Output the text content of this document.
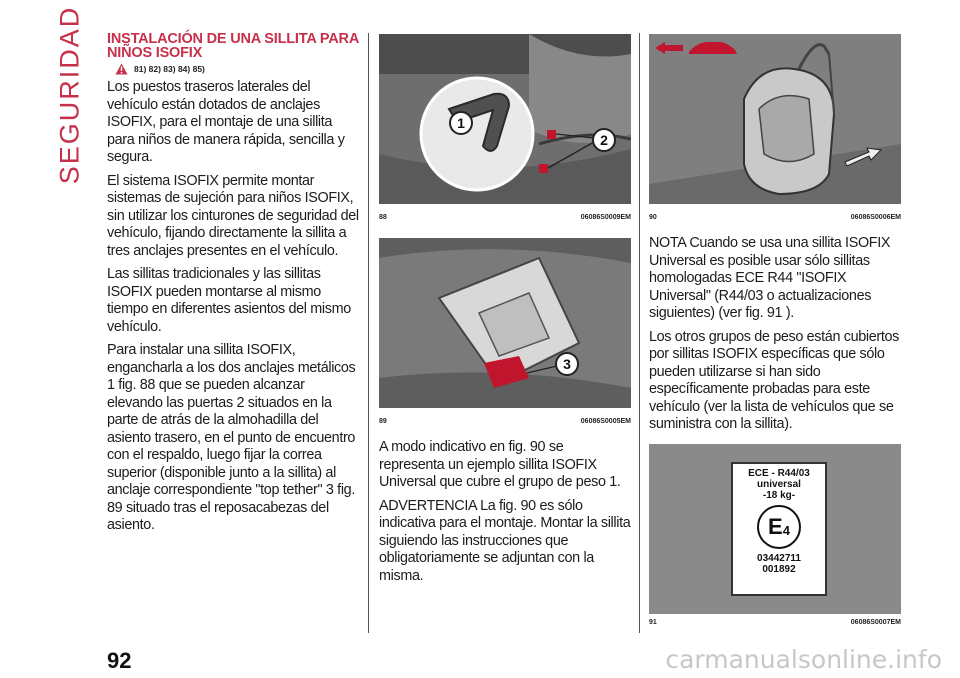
SEGURIDAD INSTALACIÓN DE UNA SILLITA PARA NIÑOS ISOFIX
81) 82) 83) 84) 85)

Los puestos traseros laterales del vehículo están dotados de anclajes ISOFIX, para el montaje de una sillita para niños de manera rápida, sencilla y segura.

El sistema ISOFIX permite montar sistemas de sujeción para niños ISOFIX, sin utilizar los cinturones de seguridad del vehículo, fijando directamente la sillita a tres anclajes presentes en el vehículo.

Las sillitas tradicionales y las sillitas ISOFIX pueden montarse al mismo tiempo en diferentes asientos del mismo vehículo.

Para instalar una sillita ISOFIX, engancharla a los dos anclajes metálicos 1 fig. 88 que se pueden alcanzar elevando las puertas 2 situados en la parte de atrás de la almohadilla del asiento trasero, en el punto de encuentro con el respaldo, luego fijar la correa superior (disponible junto a la sillita) al anclaje correspondiente "top tether" 3 fig. 89 situado tras el reposacabezas del asiento.

1
2
88	06086S0009EM
3
89	06086S0005EM

A modo indicativo en fig. 90 se representa un ejemplo sillita ISOFIX Universal que cubre el grupo de peso 1.

ADVERTENCIA La fig. 90 es sólo indicativa para el montaje. Montar la sillita siguiendo las instrucciones que obligatoriamente se adjuntan con la misma.

90	06086S0006EM

NOTA Cuando se usa una sillita ISOFIX Universal es posible usar sólo sillitas homologadas ECE R44 "ISOFIX Universal" (R44/03 o actualizaciones siguientes) (ver fig. 91 ).

Los otros grupos de peso están cubiertos por sillitas ISOFIX específicas que sólo pueden utilizarse si han sido específicamente probadas para este vehículo (ver la lista de vehículos que se suministra con la sillita).

ECE - R44/03
universal
-18 kg-
E 4
03442711
001892
91	06086S0007EM
92	carmanualsonline.info
